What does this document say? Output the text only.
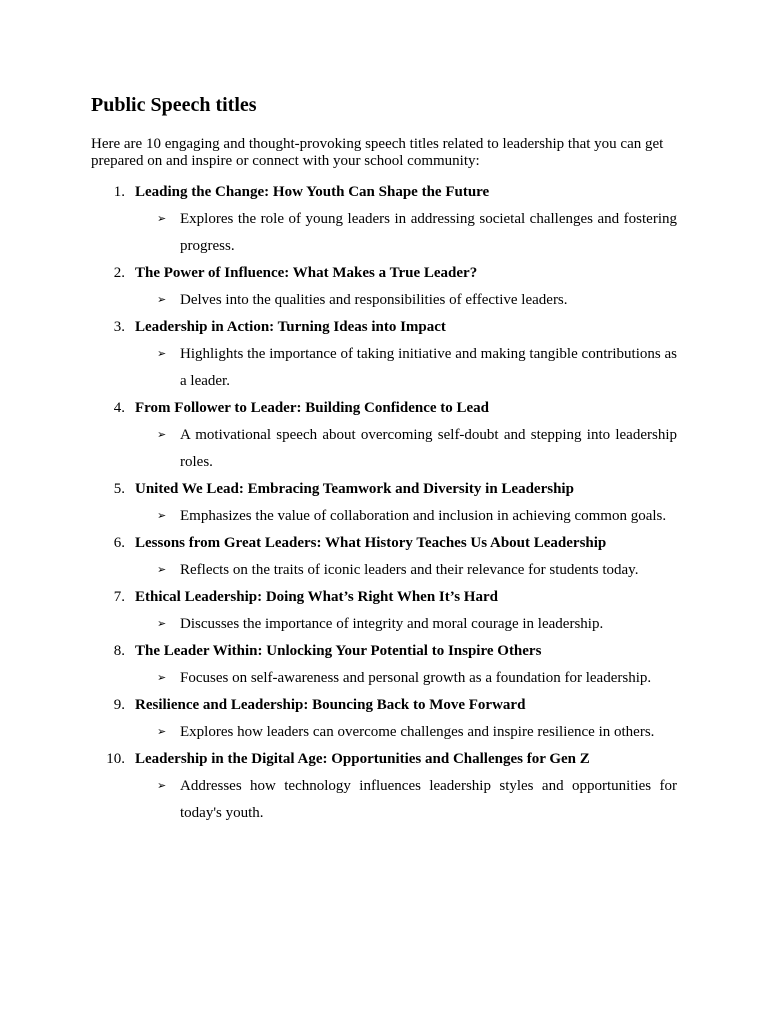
Public Speech titles

Here are 10 engaging and thought-provoking speech titles related to leadership that you can get prepared on and inspire or connect with your school community:

1. Leading the Change: How Youth Can Shape the Future
➢ Explores the role of young leaders in addressing societal challenges and fostering progress.
2. The Power of Influence: What Makes a True Leader?
➢ Delves into the qualities and responsibilities of effective leaders.
3. Leadership in Action: Turning Ideas into Impact
➢ Highlights the importance of taking initiative and making tangible contributions as a leader.
4. From Follower to Leader: Building Confidence to Lead
➢ A motivational speech about overcoming self-doubt and stepping into leadership roles.
5. United We Lead: Embracing Teamwork and Diversity in Leadership
➢ Emphasizes the value of collaboration and inclusion in achieving common goals.
6. Lessons from Great Leaders: What History Teaches Us About Leadership
➢ Reflects on the traits of iconic leaders and their relevance for students today.
7. Ethical Leadership: Doing What’s Right When It’s Hard
➢ Discusses the importance of integrity and moral courage in leadership.
8. The Leader Within: Unlocking Your Potential to Inspire Others
➢ Focuses on self-awareness and personal growth as a foundation for leadership.
9. Resilience and Leadership: Bouncing Back to Move Forward
➢ Explores how leaders can overcome challenges and inspire resilience in others.
10. Leadership in the Digital Age: Opportunities and Challenges for Gen Z
➢ Addresses how technology influences leadership styles and opportunities for today's youth.
